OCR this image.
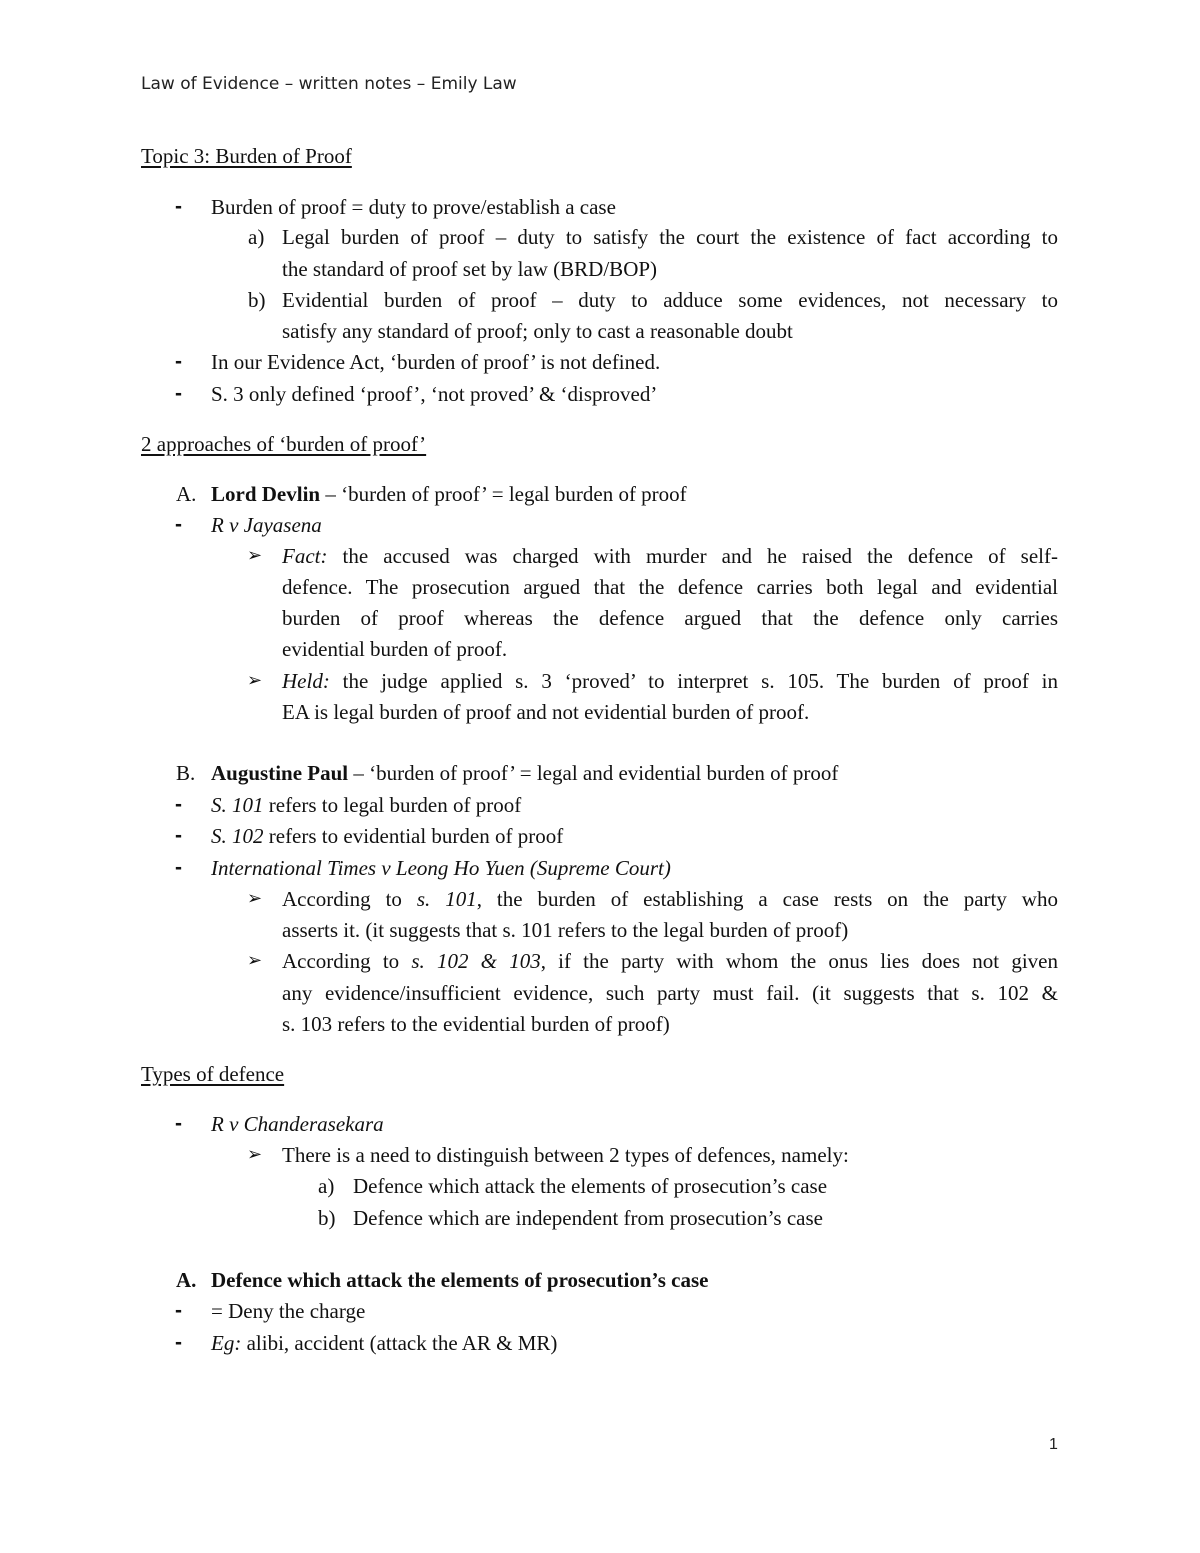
Law of Evidence – written notes – Emily Law
Topic 3: Burden of Proof
- Burden of proof = duty to prove/establish a case
a) Legal burden of proof – duty to satisfy the court the existence of fact according to
the standard of proof set by law (BRD/BOP)
b) Evidential burden of proof – duty to adduce some evidences, not necessary to
satisfy any standard of proof; only to cast a reasonable doubt
- In our Evidence Act, ‘burden of proof’ is not defined.
- S. 3 only defined ‘proof’, ‘not proved’ & ‘disproved’
2 approaches of ‘burden of proof’
A. Lord Devlin – ‘burden of proof’ = legal burden of proof
- R v Jayasena
➢ Fact: the accused was charged with murder and he raised the defence of self-
defence. The prosecution argued that the defence carries both legal and evidential
burden of proof whereas the defence argued that the defence only carries
evidential burden of proof.
➢ Held: the judge applied s. 3 ‘proved’ to interpret s. 105. The burden of proof in
EA is legal burden of proof and not evidential burden of proof.
B. Augustine Paul – ‘burden of proof’ = legal and evidential burden of proof
- S. 101 refers to legal burden of proof
- S. 102 refers to evidential burden of proof
- International Times v Leong Ho Yuen (Supreme Court)
➢ According to s. 101, the burden of establishing a case rests on the party who
asserts it. (it suggests that s. 101 refers to the legal burden of proof)
➢ According to s. 102 & 103, if the party with whom the onus lies does not given
any evidence/insufficient evidence, such party must fail. (it suggests that s. 102 &
s. 103 refers to the evidential burden of proof)
Types of defence
- R v Chanderasekara
➢ There is a need to distinguish between 2 types of defences, namely:
a) Defence which attack the elements of prosecution’s case
b) Defence which are independent from prosecution’s case
A. Defence which attack the elements of prosecution’s case
- = Deny the charge
- Eg: alibi, accident (attack the AR & MR)
1
